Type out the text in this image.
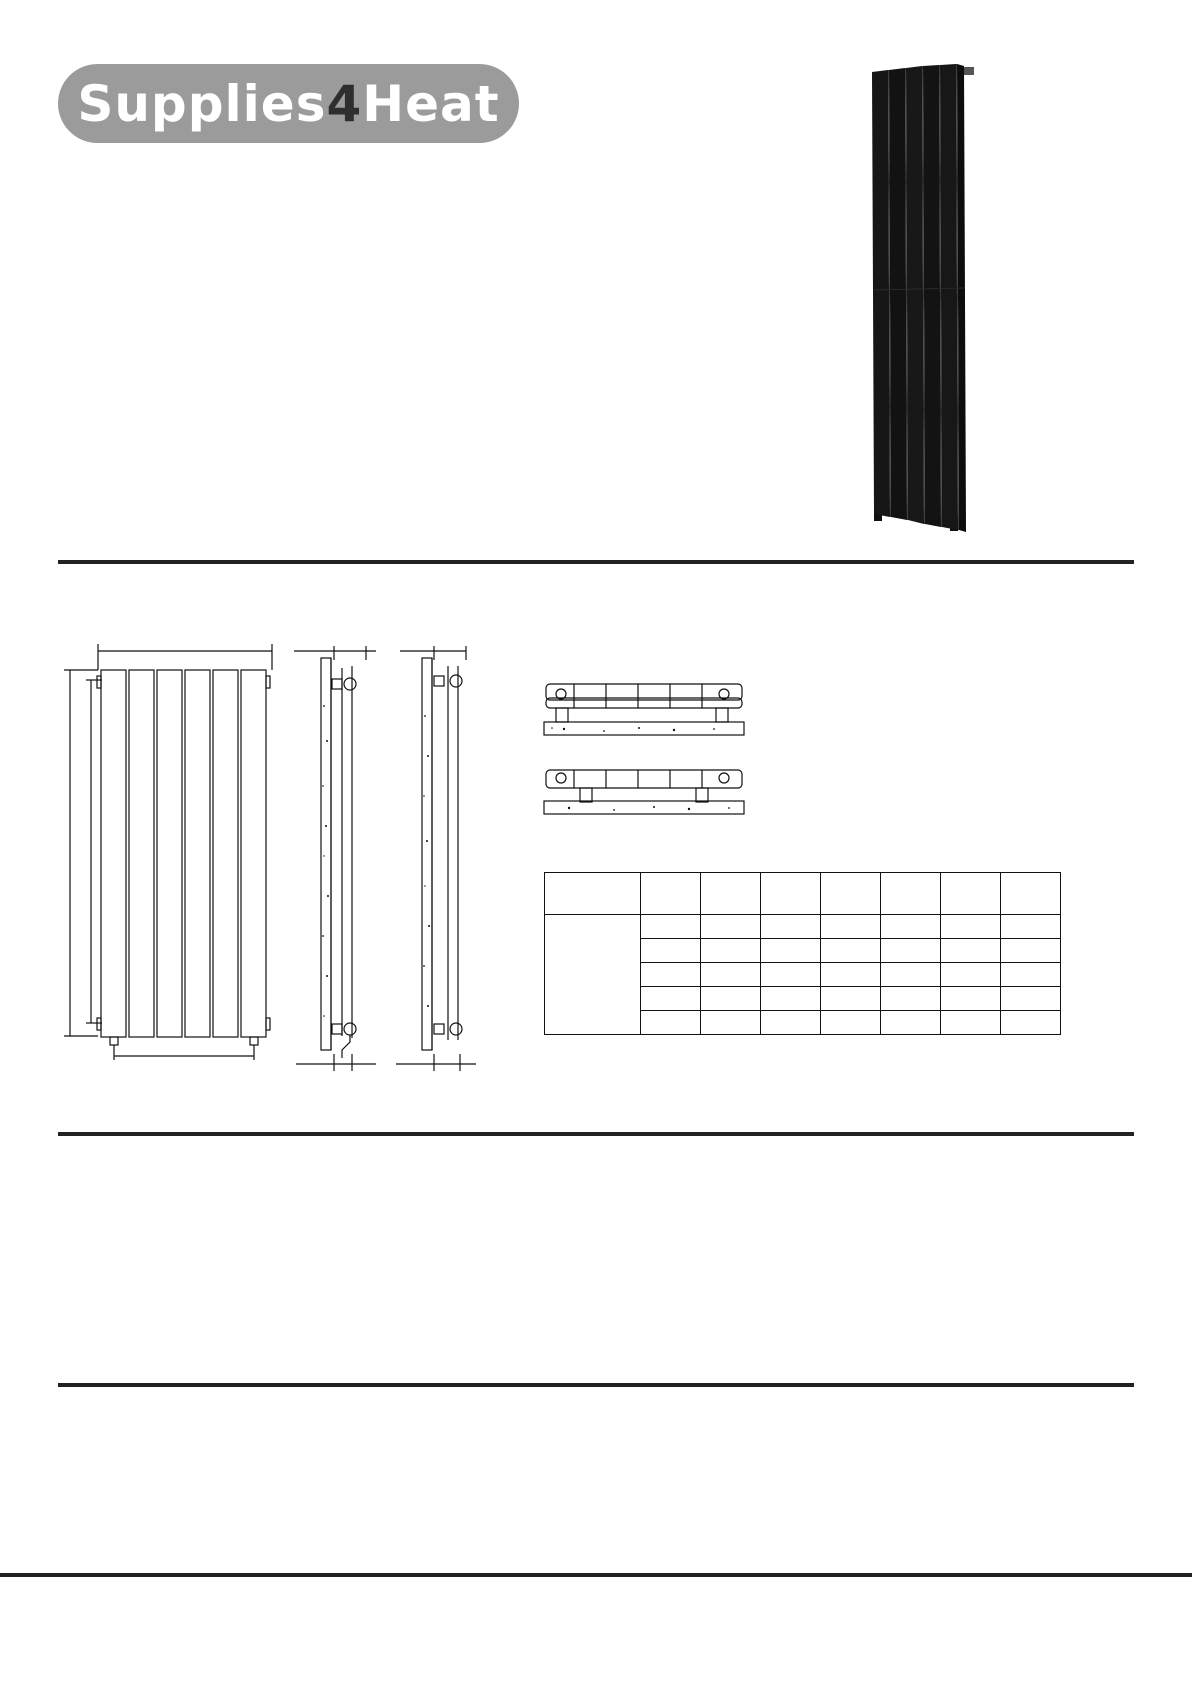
Supplies 4 Heat
